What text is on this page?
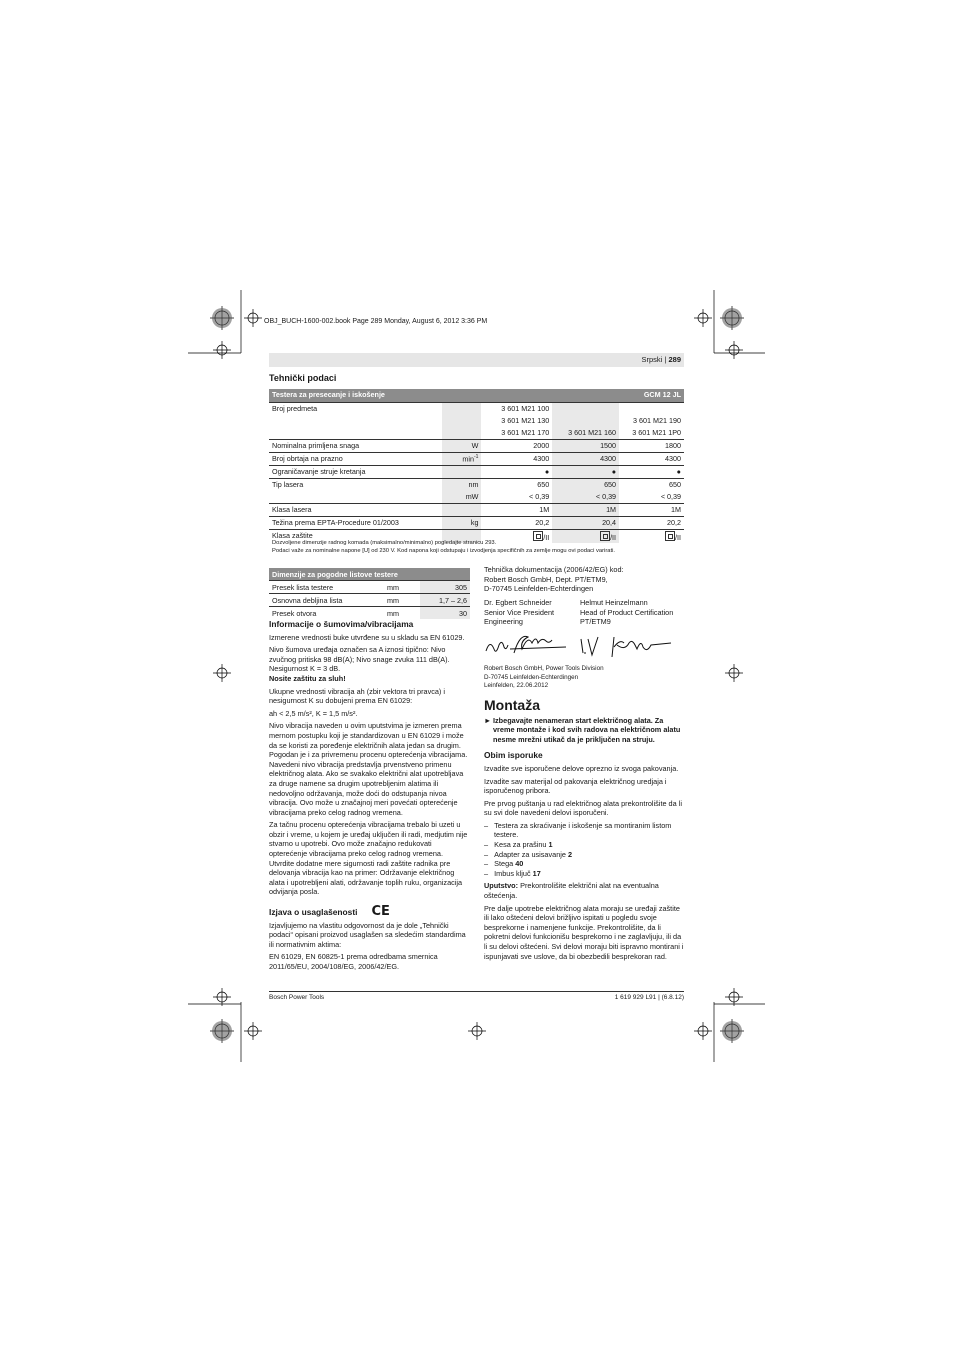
OBJ_BUCH-1600-002.book Page 289 Monday, August 6, 2012 3:36 PM
Srpski | 289
Tehnički podaci
Testera za presecanje i iskošenje			GCM 12 JL	
Broj predmeta		3 601 M21 100		
		3 601 M21 130		3 601 M21 190
		3 601 M21 170	3 601 M21 160	3 601 M21 1P0
Nominalna primljena snaga	W	2000	1500	1800
Broj obrtaja na prazno	$\min^{-1}$	4300	4300	4300
Ograničavanje struje kretanja		●	●	●
Tip lasera	nm	650	650	650
	mW	< 0,39	< 0,39	< 0,39
Klasa lasera		1M	1M	1M
Težina prema EPTA-Procedure 01/2003	kg	20,2	20,4	20,2
Klasa zaštite		/II	/II	/II
Dozvoljene dimenzije radnog komada (maksimalno/minimalno) pogledajte stranicu 293.
Podaci važe za nominalne napone [U] od 230 V. Kod napona koji odstupaju i izvodjenja specifičnih za zemlje mogu ovi podaci varirati.
Dimenzije za pogodne listove testere		
Presek lista testere	mm	305
Osnovna debljina lista	mm	1,7 – 2,6
Presek otvora	mm	30
Informacije o šumovima/vibracijama

Izmerene vrednosti buke utvrđene su u skladu sa EN 61029.

Nivo šumova uređaja označen sa A iznosi tipično: Nivo zvučnog pritiska 98 dB(A); Nivo snage zvuka 111 dB(A). Nesigurnost K = 3 dB.

Nosite zaštitu za sluh!

Ukupne vrednosti vibracija ah (zbir vektora tri pravca) i nesigurnost K su dobujeni prema EN 61029:

ah < 2,5 m/s², K = 1,5 m/s².

Nivo vibracija naveden u ovim uputstvima je izmeren prema mernom postupku koji je standardizovan u EN 61029 i može da se koristi za poređenje električnih alata jedan sa drugim. Pogodan je i za privremenu procenu opterećenja vibracijama. Navedeni nivo vibracija predstavlja prvenstveno primenu električnog alata. Ako se svakako električni alat upotrebljava za druge namene sa drugim upotrebljenim alatima ili nedovoljno održavanja, može doći do odstupanja nivoa vibracija. Ovo može u značajnoj meri povećati opterećenje vibracijama preko celog radnog vremena.

Za tačnu procenu opterećenja vibracijama trebalo bi uzeti u obzir i vreme, u kojem je uređaj uključen ili radi, medjutim nije stvarno u upotrebi. Ovo može značajno redukovati opterećenje vibracijama preko celog radnog vremena. Utvrdite dodatne mere sigurnosti radi zaštite radnika pre delovanja vibracija kao na primer: Održavanje električnog alata i upotrebljeni alati, održavanje toplih ruku, organizacija odvijanja posla.

Izjava o usaglašenosti CE

Izjavljujemo na vlastitu odgovornost da je dole „Tehnički podaci“ opisani proizvod usaglašen sa sledećim standardima ili normativnim aktima:

EN 61029, EN 60825-1 prema odredbama smernica 2011/65/EU, 2004/108/EG, 2006/42/EG.

Tehnička dokumentacija (2006/42/EG) kod:
Robert Bosch GmbH, Dept. PT/ETM9,
D-70745 Leinfelden-Echterdingen
Dr. Egbert Schneider	Helmut Heinzelmann
Senior Vice President	Head of Product Certification
Engineering	PT/ETM9
Robert Bosch GmbH, Power Tools Division
D-70745 Leinfelden-Echterdingen
Leinfelden, 22.06.2012
Montaža

► Izbegavajte nenameran start električnog alata. Za vreme montaže i kod svih radova na električnom alatu nesme mrežni utikač da je priključen na struju.

Obim isporuke

Izvadite sve isporučene delove oprezno iz svoga pakovanja.

Izvadite sav materijal od pakovanja električnog uredjaja i isporučenog pribora.

Pre prvog puštanja u rad električnog alata prekontrolišite da li su svi dole navedeni delovi isporučeni.

–   Testera za skraćivanje i iskošenje sa montiranim listom testere.
–   Kesa za prašinu 1
–   Adapter za usisavanje 2
–   Stega 40
–   Imbus ključ 17

Uputstvo: Prekontrolišite električni alat na eventualna oštećenja.

Pre dalje upotrebe električnog alata moraju se uređaji zaštite ili lako oštećeni delovi brižljivo ispitati u pogledu svoje besprekorne i namenjene funkcije. Prekontrolišite, da li pokretni delovi funkcionišu besprekorno i ne zaglavljuju, ili da li su delovi oštećeni. Svi delovi moraju biti ispravno montirani i ispunjavati sve uslove, da bi obezbedili besprekoran rad.

Bosch Power Tools	1 619 929 L91 | (6.8.12)
